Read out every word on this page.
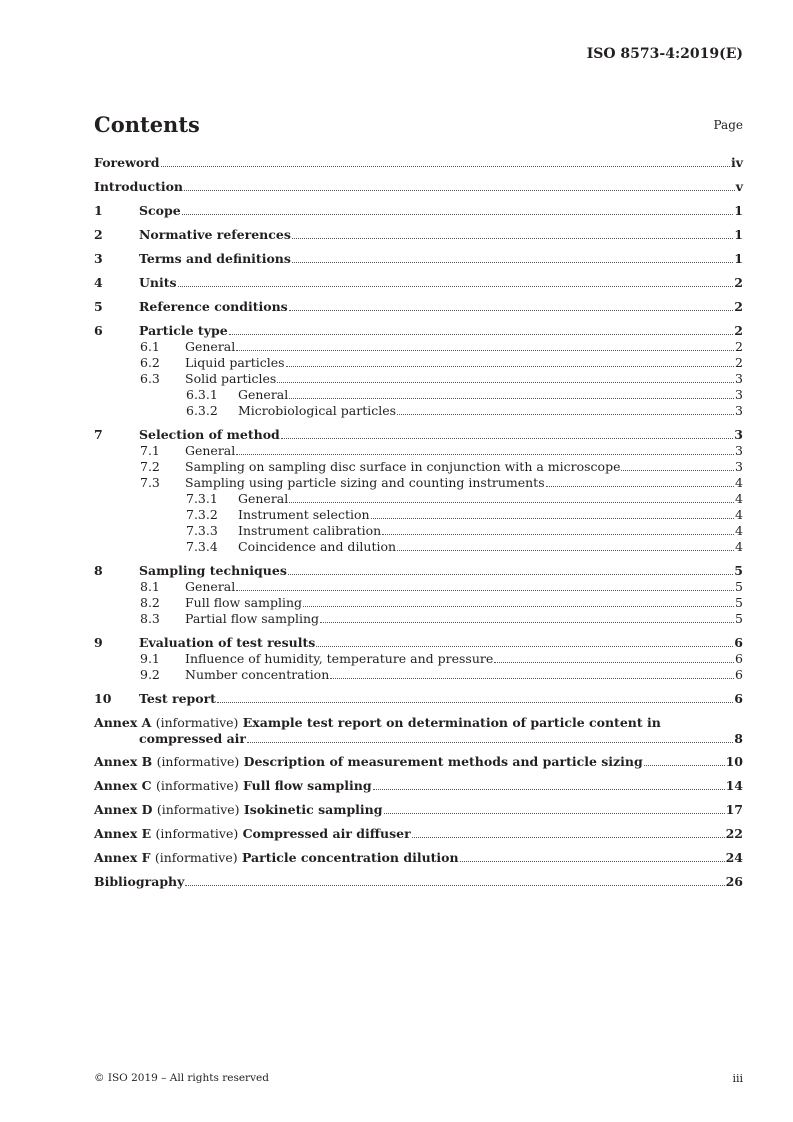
ISO 8573-4:2019(E)
Contents	Page
Foreword	iv
Introduction	v
1	Scope	1
2	Normative references	1
3	Terms and definitions	1
4	Units	2
5	Reference conditions	2
6	Particle type	2
6.1	General	2
6.2	Liquid particles	2
6.3	Solid particles	3
6.3.1	General	3
6.3.2	Microbiological particles	3
7	Selection of method	3
7.1	General	3
7.2	Sampling on sampling disc surface in conjunction with a microscope	3
7.3	Sampling using particle sizing and counting instruments	4
7.3.1	General	4
7.3.2	Instrument selection	4
7.3.3	Instrument calibration	4
7.3.4	Coincidence and dilution	4
8	Sampling techniques	5
8.1	General	5
8.2	Full flow sampling	5
8.3	Partial flow sampling	5
9	Evaluation of test results	6
9.1	Influence of humidity, temperature and pressure	6
9.2	Number concentration	6
10	Test report	6
Annex A (informative) Example test report on determination of particle content in
compressed air	8
Annex B (informative) Description of measurement methods and particle sizing	10
Annex C (informative) Full flow sampling	14
Annex D (informative) Isokinetic sampling	17
Annex E (informative) Compressed air diffuser	22
Annex F (informative) Particle concentration dilution	24
Bibliography	26
© ISO 2019 – All rights reserved	iii
